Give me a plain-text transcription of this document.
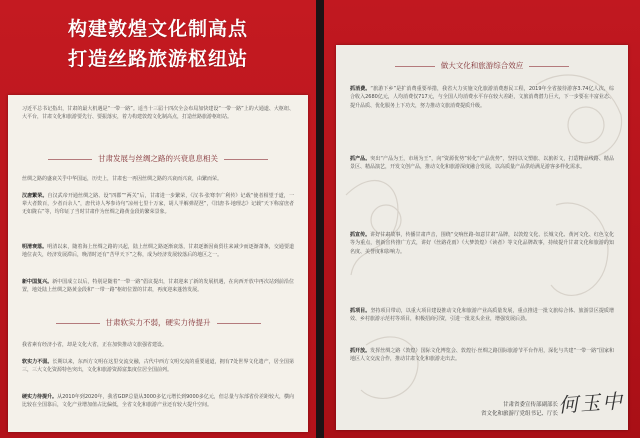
构建敦煌文化制高点
打造丝路旅游枢纽站
习近平总书记指出，甘肃的最大机遇是“一带一路”。适当十三届十四次全会布局加快建设“一带一路”上的大通道、大枢纽、大平台，甘肃文化和旅游要先行、要振落实，着力构建敦煌文化制高点，打造丝路旅游枢纽站。
甘肃发展与丝绸之路的兴衰息息相关
丝绸之路的盛衰关乎中华国运，历史上，甘肃也一再因丝绸之路的兴衰而兴衰，由繁而荣。
汉唐繁荣。自汉武帝开通丝绸之路、设“四郡”“两关”后，甘肃进一步繁荣，《汉书·张骞李广利传》记载“使者相望于道，一辈大者数百，少者百余人”，唐代诗人岑参诗句“凉州七里十万家，胡人半解弹琵琶”，《旧唐书·地理志》记载“天下称富庶者无如陇右”等，均印证了当时甘肃作为丝绸之路黄金段的繁荣景象。
明清衰落。明清以来，随着海上丝绸之路的兴起，陆上丝绸之路逐渐衰落，甘肃逐渐因商贸往来减少而逐渐萧条，交通要道地位丧失，经济发展滞后，晚清时还有“苦甲天下”之称，成为经济发展较落后的地区之一。
新中国复兴。新中国成立以后，特别是随着“一带一路”倡议提出，甘肃迎来了新的发展机遇，在向西开放中再次站到前沿位置，地处陆上丝绸之路黄金段和“一带一路”枢纽位置的甘肃，再度迎来蓬勃发展。
甘肃软实力不弱，硬实力待提升
我省素有经济小省，却是文化大省，正在加快推动文旅强省建设。
软实力不弱。长期以来，东西方文明在这里交流交融，古代中西方文明交流的重要通道，拥有7处世界文化遗产，居全国第三，三大文化资源特色突出，文化和旅游资源富集度位居全国前列。
硬实力待提升。从2010年到2020年，我省GDP总量从3000多亿元增长到9000多亿元，但总量与东部省份差距较大，横向比较在全国靠后，文化产业增加值占比偏低，全省文化和旅游产业还有较大提升空间。
做大文化和旅游综合效应
抓消费。“旅游下乡”是扩消费重要举措，我省大力实施文化旅游消费惠民工程，2019年全省接待游客3.74亿人次，综合收入2680亿元，人均消费仅717元，与全国人均消费水平存在较大差距，文旅消费潜力巨大，下一步要在丰富业态、提升品质、优化服务上下功夫，努力推动文旅消费提质升级。
抓产品。突出“产品为王，市场为王”，向“资源优势”转化“产品优势”，坚持以文塑旅、以旅彰文，打造精品线路、精品景区、精品演艺，开发文创产品，推动文化和旅游深度融合发展，以高质量产品供给满足游客多样化需求。
抓宣传。讲好甘肃故事，传播甘肃声音，围绕“交响丝路·如意甘肃”品牌，以敦煌文化、长城文化、黄河文化、红色文化等为重点，创新宣传推广方式，讲好《丝路花雨》《大梦敦煌》《读者》等文化品牌故事，持续提升甘肃文化和旅游的知名度、美誉度和影响力。
抓项目。坚持项目带动，以重大项目建设推动文化和旅游产业高质量发展，重点推进一批文旅综合体、旅游景区提质增效、乡村旅游示范村等项目，积极招商引资，引进一批龙头企业，增强发展后劲。
抓开放。发挥丝绸之路（敦煌）国际文化博览会、敦煌行·丝绸之路国际旅游节平台作用，深化与共建“一带一路”国家和地区人文交流合作，推动甘肃文化和旅游走出去。
甘肃省委宣传部副部长
省文化和旅游厅党组书记、厅长 何玉中
